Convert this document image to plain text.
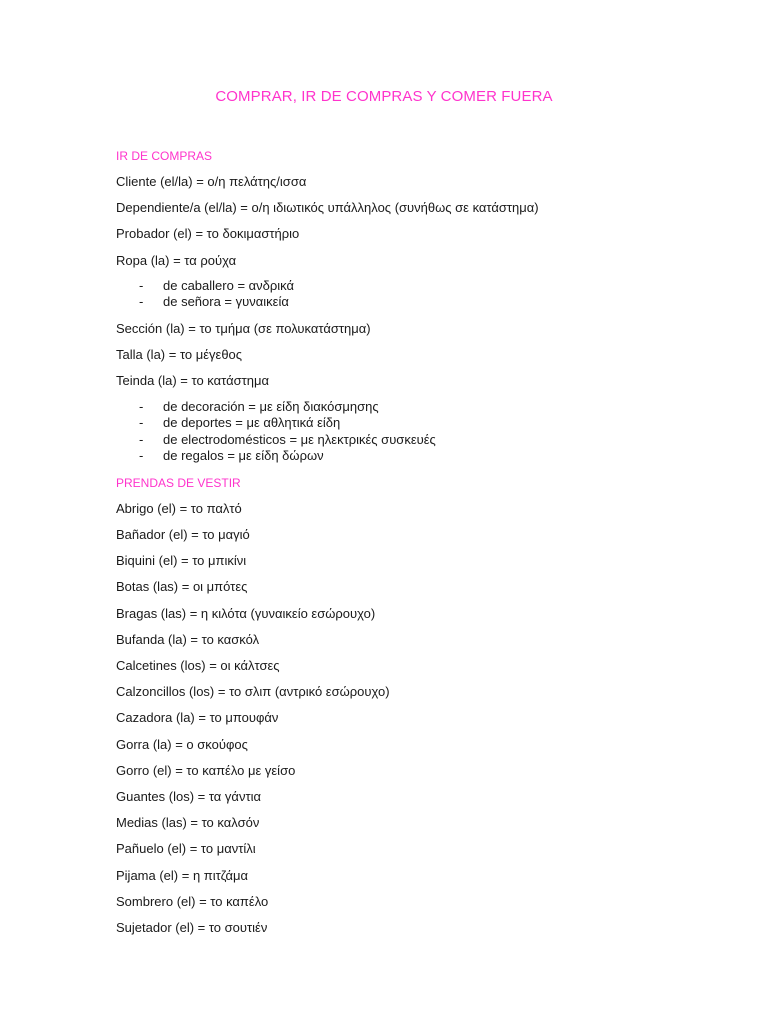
COMPRAR, IR DE COMPRAS Y COMER FUERA
IR DE COMPRAS
Cliente (el/la) = ο/η πελάτης/ισσα
Dependiente/a (el/la) = ο/η ιδιωτικός υπάλληλος (συνήθως σε κατάστημα)
Probador (el) = το δοκιμαστήριο
Ropa (la) = τα ρούχα
- de caballero = ανδρικά
- de señora = γυναικεία
Sección (la) = το τμήμα (σε πολυκατάστημα)
Talla (la) = το μέγεθος
Teinda (la) = το κατάστημα
- de decoración = με είδη διακόσμησης
- de deportes = με αθλητικά είδη
- de electrodomésticos = με ηλεκτρικές συσκευές
- de regalos = με είδη δώρων
PRENDAS DE VESTIR
Abrigo (el) = το παλτό
Bañador (el) = το μαγιό
Biquini (el) = το μπικίνι
Botas (las) = οι μπότες
Bragas (las) = η κιλότα (γυναικείο εσώρουχο)
Bufanda (la) = το κασκόλ
Calcetines (los) = οι κάλτσες
Calzoncillos (los) = το σλιπ (αντρικό εσώρουχο)
Cazadora (la) = το μπουφάν
Gorra (la) = ο σκούφος
Gorro (el) = το καπέλο με γείσο
Guantes (los) = τα γάντια
Medias (las) = το καλσόν
Pañuelo (el) = το μαντίλι
Pijama (el) = η πιτζάμα
Sombrero (el) = το καπέλο
Sujetador (el) = το σουτιέν
